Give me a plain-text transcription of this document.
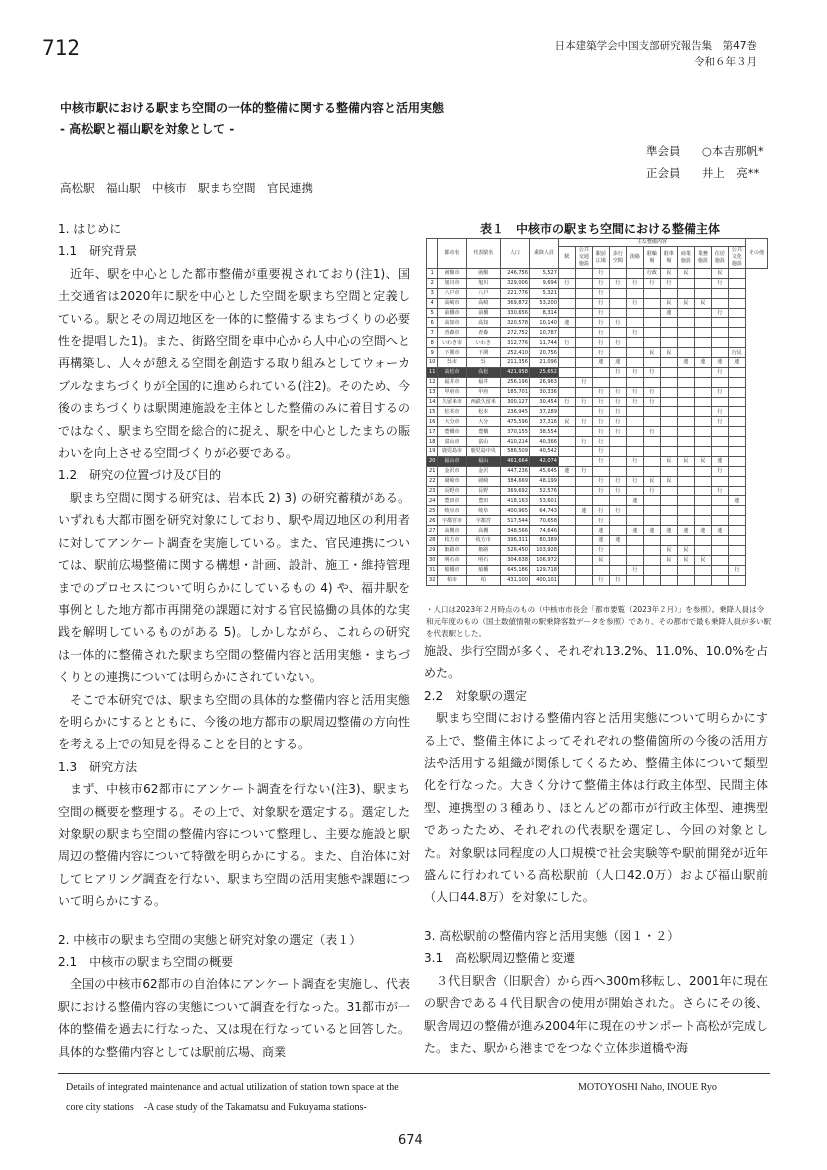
712	日本建築学会中国支部研究報告集　第47巻
令和６年３月
中核市駅における駅まち空間の一体的整備に関する整備内容と活用実態
- 高松駅と福山駅を対象として -
準会員 ○本吉那帆*
正会員 井上　亮**
高松駅　福山駅　中核市　駅まち空間　官民連携
1. はじめに
1.1　研究背景

近年、駅を中心とした都市整備が重要視されており(注1)、国土交通省は2020年に駅を中心とした空間を駅まち空間と定義している。駅とその周辺地区を一体的に整備するまちづくりの必要性を提唱した1)。また、街路空間を車中心から人中心の空間へと再構築し、人々が憩える空間を創造する取り組みとしてウォーカブルなまちづくりが全国的に進められている(注2)。そのため、今後のまちづくりは駅関連施設を主体とした整備のみに着目するのではなく、駅まち空間を総合的に捉え、駅を中心としたまちの賑わいを向上させる空間づくりが必要である。

1.2　研究の位置づけ及び目的

駅まち空間に関する研究は、岩本氏 2) 3) の研究蓄積がある。いずれも大都市圏を研究対象にしており、駅や周辺地区の利用者に対してアンケート調査を実施している。また、官民連携については、駅前広場整備に関する構想・計画、設計、施工・維持管理までのプロセスについて明らかにしているもの 4) や、福井駅を事例とした地方都市再開発の課題に対する官民協働の具体的な実践を解明しているものがある 5)。しかしながら、これらの研究は一体的に整備された駅まち空間の整備内容と活用実態・まちづくりとの連携については明らかにされていない。

そこで本研究では、駅まち空間の具体的な整備内容と活用実態を明らかにするとともに、今後の地方都市の駅周辺整備の方向性を考える上での知見を得ることを目的とする。

1.3　研究方法

まず、中核市62都市にアンケート調査を行ない(注3)、駅まち空間の概要を整理する。その上で、対象駅を選定する。選定した対象駅の駅まち空間の整備内容について整理し、主要な施設と駅周辺の整備内容について特徴を明らかにする。また、自治体に対してヒアリング調査を行ない、駅まち空間の活用実態や課題について明らかにする。

2. 中核市の駅まち空間の実態と研究対象の選定（表１）
2.1　中核市の駅まち空間の概要

全国の中核市62都市の自治体にアンケート調査を実施し、代表駅における整備内容の実態について調査を行なった。31都市が一体的整備を過去に行なった、又は現在行なっていると回答した。具体的な整備内容としては駅前広場、商業

表１　中核市の駅まち空間における整備主体
	都市名	代表駅名	人口	乗降人員	主な整備内容											その他
					駅	公共交通施設	駅前広場	歩行空間	街路	駐輪場	駐車場	商業施設	業務施設	住居施設	公共文化施設	
1	函館市	函館	246,756	5,527			行			行政	民	民		民		
2	旭川市	旭川	329,006	9,694	行		行	行	行	行	行			行		
3	八戸市	八戸	221,776	5,321			行									
4	高崎市	高崎	369,872	53,200			行		行		民	民	民			
5	前橋市	前橋	330,656	8,314			行				連			行		
6	高知市	高知	320,578	10,140	連		行	行								
7	青森市	青森	272,752	10,787			行		行							
8	いわき市	いわき	312,776	11,744	行		行	行								
9	下関市	下関	252,410	20,756			行			民	民				行民	
10	呉市	呉	211,356	21,096			連	連				連	連	連	連	
11	高松市	高松	421,958	25,652				行	行	行				行		
12	福井市	福井	256,196	26,963		行										
13	甲府市	甲府	185,701	30,336			行	行	行	行				行		
14	久留米市	西鉄久留米	300,127	30,454	行	行	行	行	行	行						
15	松本市	松本	236,945	37,289			行	行						行		
16	大分市	大分	475,596	37,316	民	行	行	行						行		
17	豊橋市	豊橋	370,155	38,554			行	行		行						
18	富山市	富山	410,214	40,366		行	行									
19	鹿児島市	鹿児島中央	586,509	40,542			行									
20	福山市	福山	461,664	42,074			行		行		民	民	民	連		
21	金沢市	金沢	447,236	45,645	連	行								行		
22	岡崎市	岡崎	384,669	48,199			行	行	行	民	民					
23	長野市	長野	369,692	52,576			行	行		行				行		
24	豊田市	豊田	418,163	53,601					連						連	
25	岐阜市	岐阜	400,965	64,743		連	行	行								
26	宇都宮市	宇都宮	517,544	70,658			行									
27	高槻市	高槻	348,566	74,646			連		連	連	連	連	連	連		
28	枚方市	枚方市	396,311	80,389			連	連								
29	姫路市	姫路	526,450	103,928			行				民	民				
30	明石市	明石	304,638	106,972			民				民	民	民			
31	船橋市	船橋	645,186	129,718					行						行	
32	柏市	柏	431,100	400,101			行	行								
・人口は2023年２月時点のもの（中核市市長会「都市要覧（2023年２月）」を参照）。乗降人員は令和元年度のもの（国土数値情報の駅乗降客数データを参照）であり、その都市で最も乗降人員が多い駅を代表駅とした。

施設、歩行空間が多く、それぞれ13.2%、11.0%、10.0%を占めた。

2.2　対象駅の選定

駅まち空間における整備内容と活用実態について明らかにする上で、整備主体によってそれぞれの整備箇所の今後の活用方法や活用する組織が関係してくるため、整備主体について類型化を行なった。大きく分けて整備主体は行政主体型、民間主体型、連携型の３種あり、ほとんどの都市が行政主体型、連携型であったため、それぞれの代表駅を選定し、今回の対象とした。対象駅は同程度の人口規模で社会実験等や駅前開発が近年盛んに行われている高松駅前（人口42.0万）および福山駅前（人口44.8万）を対象にした。

3. 高松駅前の整備内容と活用実態（図１・２）
3.1　高松駅周辺整備と変遷

３代目駅舎（旧駅舎）から西へ300m移転し、2001年に現在の駅舎である４代目駅舎の使用が開始された。さらにその後、駅舎周辺の整備が進み2004年に現在のサンポート高松が完成した。また、駅から港までをつなぐ立体歩道橋や海

Details of integrated maintenance and actual utilization of station town space at the
core city stations　-A case study of the Takamatsu and Fukuyama stations-
MOTOYOSHI Naho, INOUE Ryo
674
